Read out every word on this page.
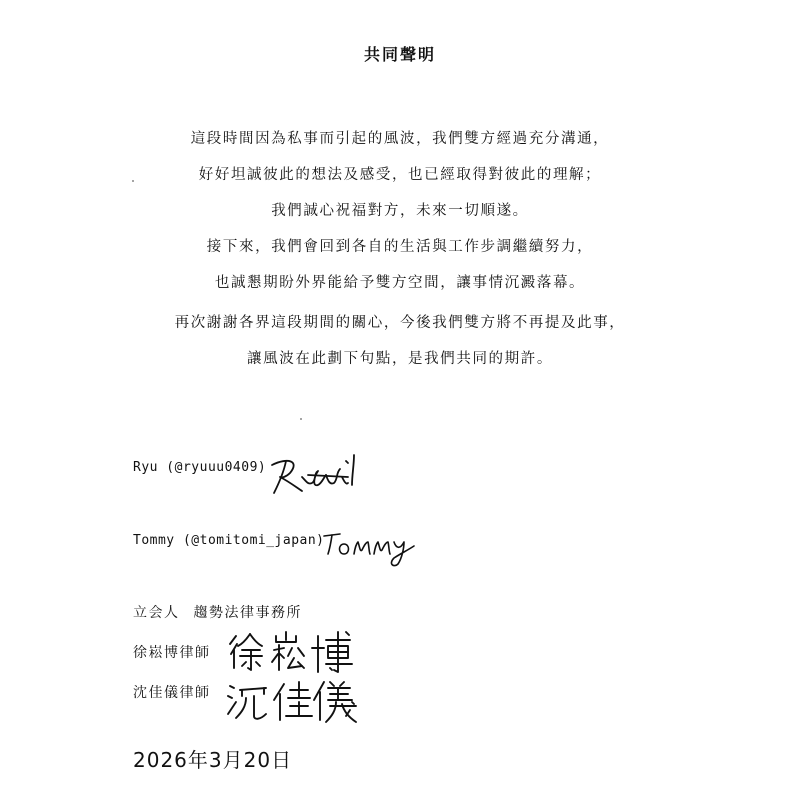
共同聲明
這段時間因為私事而引起的風波，我們雙方經過充分溝通，
好好坦誠彼此的想法及感受，也已經取得對彼此的理解；
我們誠心祝福對方，未來一切順遂。
接下來，我們會回到各自的生活與工作步調繼續努力，
也誠懇期盼外界能給予雙方空間，讓事情沉澱落幕。
再次謝謝各界這段期間的關心，今後我們雙方將不再提及此事，
讓風波在此劃下句點，是我們共同的期許。
Ryu (@ryuuu0409)
Tommy (@tomitomi_japan)
立会人 趨勢法律事務所
徐崧博律師
沈佳儀律師
2026年3月20日
